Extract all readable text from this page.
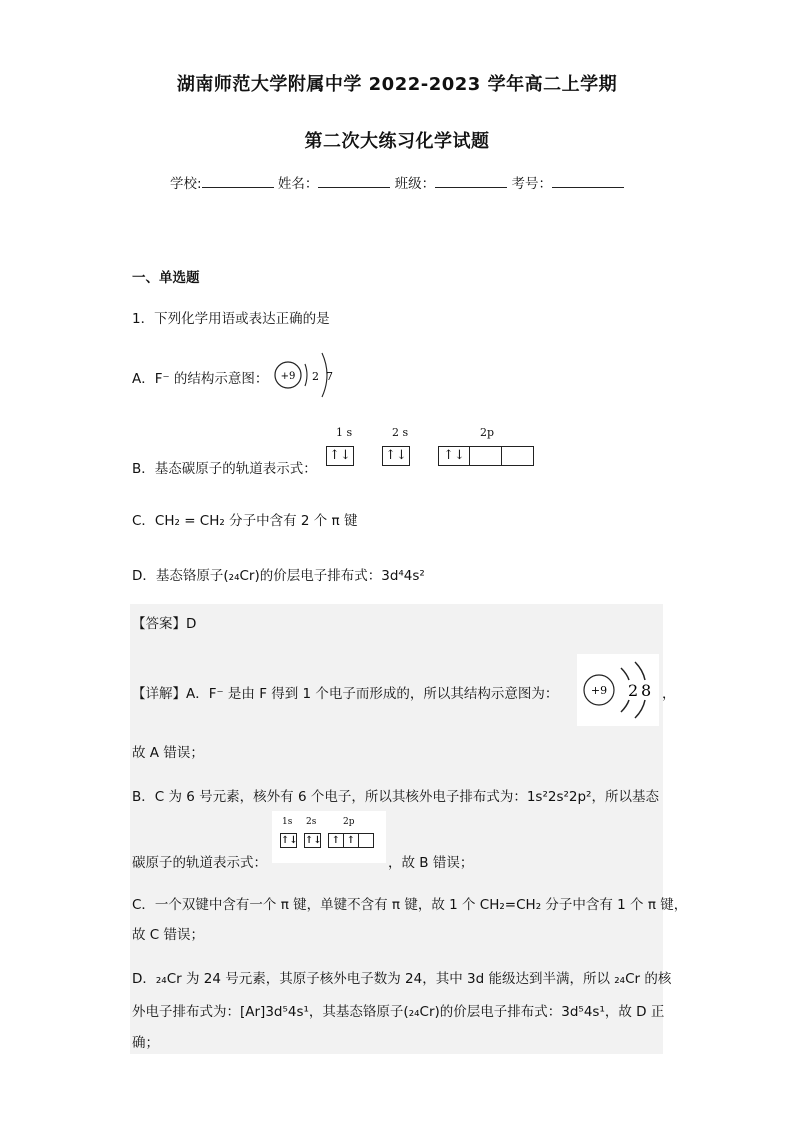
湖南师范大学附属中学 2022-2023 学年高二上学期
第二次大练习化学试题
学校:	姓名：	班级：	考号：
一、单选题
1．下列化学用语或表达正确的是
A．F⁻ 的结构示意图： +9 2 7
B．基态碳原子的轨道表示式：
1 s	2 s	2p
↑↓	↑↓	↑↓
C．CH₂ = CH₂ 分子中含有 2 个 π 键
D．基态铬原子(₂₄Cr)的价层电子排布式：3d⁴4s²
【答案】D
【详解】A．F⁻ 是由 F 得到 1 个电子而形成的，所以其结构示意图为：	+9 2 8 ，
故 A 错误；
B．C 为 6 号元素，核外有 6 个电子，所以其核外电子排布式为：1s²2s²2p²，所以基态
1s 2s	2p
↑↓ ↑↓	↑ ↑
碳原子的轨道表示式：	，故 B 错误；
C．一个双键中含有一个 π 键，单键不含有 π 键，故 1 个 CH₂=CH₂ 分子中含有 1 个 π 键，
故 C 错误；
D．₂₄Cr 为 24 号元素，其原子核外电子数为 24，其中 3d 能级达到半满，所以 ₂₄Cr 的核
外电子排布式为：[Ar]3d⁵4s¹，其基态铬原子(₂₄Cr)的价层电子排布式：3d⁵4s¹，故 D 正
确；
